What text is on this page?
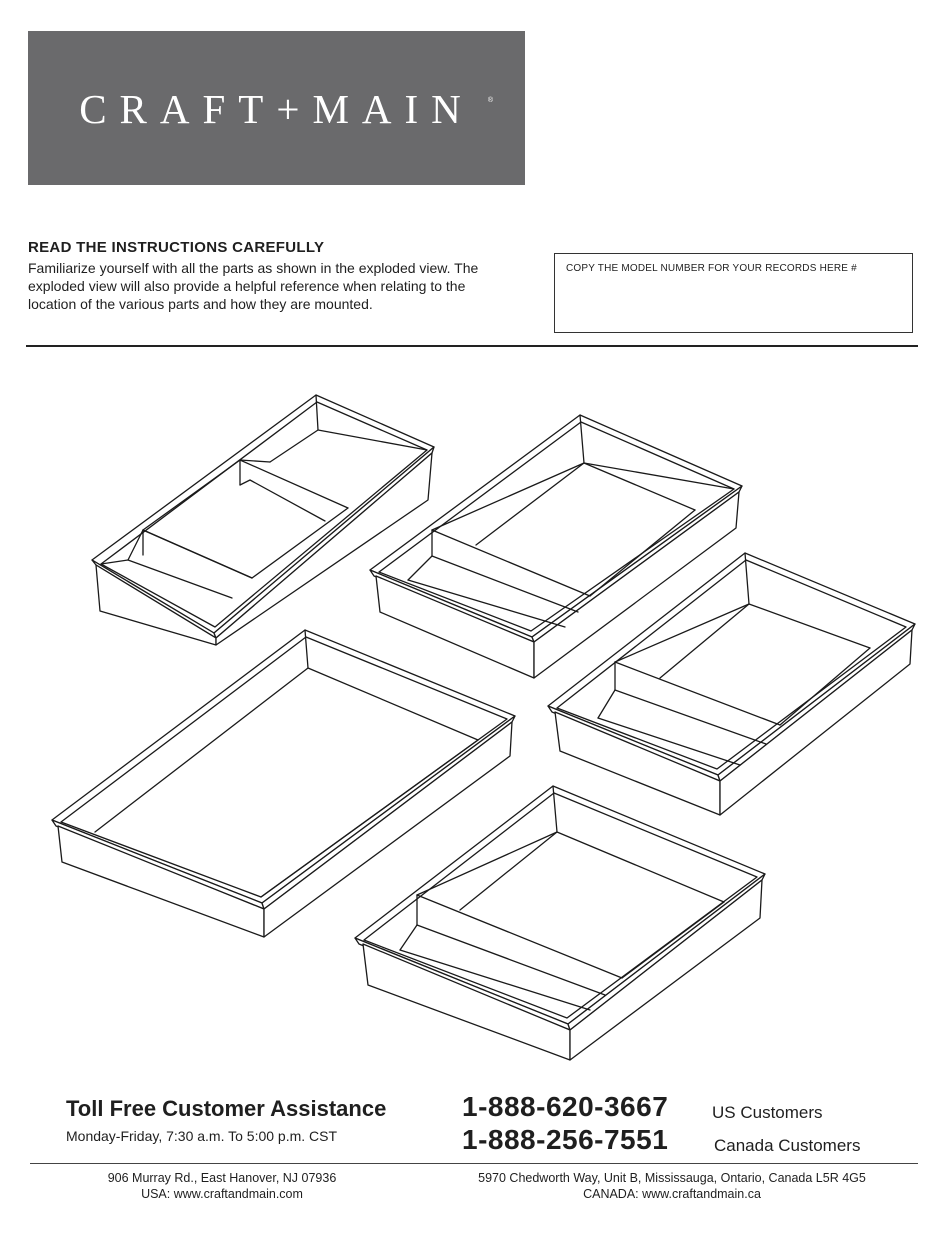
CRAFT+MAIN	®
READ THE INSTRUCTIONS CAREFULLY
Familiarize yourself with all the parts as shown in the exploded view. The exploded view will also provide a helpful reference when relating to the location of the various parts and how they are mounted.
COPY THE MODEL NUMBER FOR YOUR RECORDS HERE #
Toll Free Customer Assistance
Monday-Friday, 7:30 a.m. To 5:00 p.m. CST
1-888-620-3667	US Customers
1-888-256-7551	Canada Customers
906 Murray Rd., East Hanover, NJ 07936
USA: www.craftandmain.com
5970 Chedworth Way, Unit B, Mississauga, Ontario, Canada L5R 4G5
CANADA: www.craftandmain.ca
